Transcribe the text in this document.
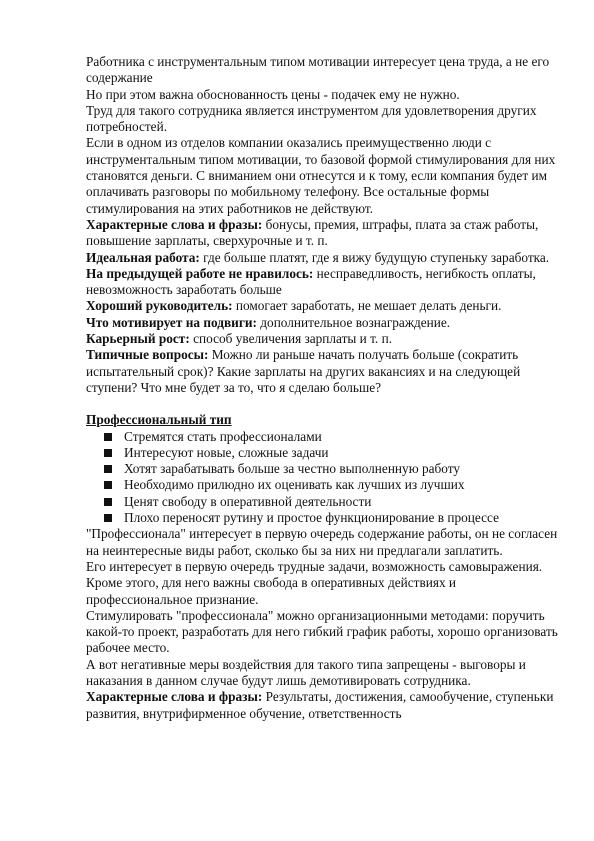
Работника с инструментальным типом мотивации интересует цена труда, а не его содержание

Но при этом важна обоснованность цены - подачек ему не нужно.

Труд для такого сотрудника является инструментом для удовлетворения других потребностей.

Если в одном из отделов компании оказались преимущественно люди с инструментальным типом мотивации, то базовой формой стимулирования для них становятся деньги. С вниманием они отнесутся и к тому, если компания будет им оплачивать разговоры по мобильному телефону. Все остальные формы стимулирования на этих работников не действуют.

Характерные слова и фразы: бонусы, премия, штрафы, плата за стаж работы, повышение зарплаты, сверхурочные и т. п.

Идеальная работа: где больше платят, где я вижу будущую ступеньку заработка.

На предыдущей работе не нравилось: несправедливость, негибкость оплаты, невозможность заработать больше

Хороший руководитель: помогает заработать, не мешает делать деньги.

Что мотивирует на подвиги: дополнительное вознаграждение.

Карьерный рост: способ увеличения зарплаты и т. п.

Типичные вопросы: Можно ли раньше начать получать больше (сократить испытательный срок)? Какие зарплаты на других вакансиях и на следующей ступени? Что мне будет за то, что я сделаю больше?

Профессиональный тип
Стремятся стать профессионалами
Интересуют новые, сложные задачи
Хотят зарабатывать больше за честно выполненную работу
Необходимо прилюдно их оценивать как лучших из лучших
Ценят свободу в оперативной деятельности
Плохо переносят рутину и простое функционирование в процессе

"Профессионала" интересует в первую очередь содержание работы, он не согласен на неинтересные виды работ, сколько бы за них ни предлагали заплатить.

Его интересует в первую очередь трудные задачи, возможность самовыражения.

Кроме этого, для него важны свобода в оперативных действиях и профессиональное признание.

Стимулировать "профессионала" можно организационными методами: поручить какой-то проект, разработать для него гибкий график работы, хорошо организовать рабочее место.

А вот негативные меры воздействия для такого типа запрещены - выговоры и наказания в данном случае будут лишь демотивировать сотрудника.

Характерные слова и фразы: Результаты, достижения, самообучение, ступеньки развития, внутрифирменное обучение, ответственность
